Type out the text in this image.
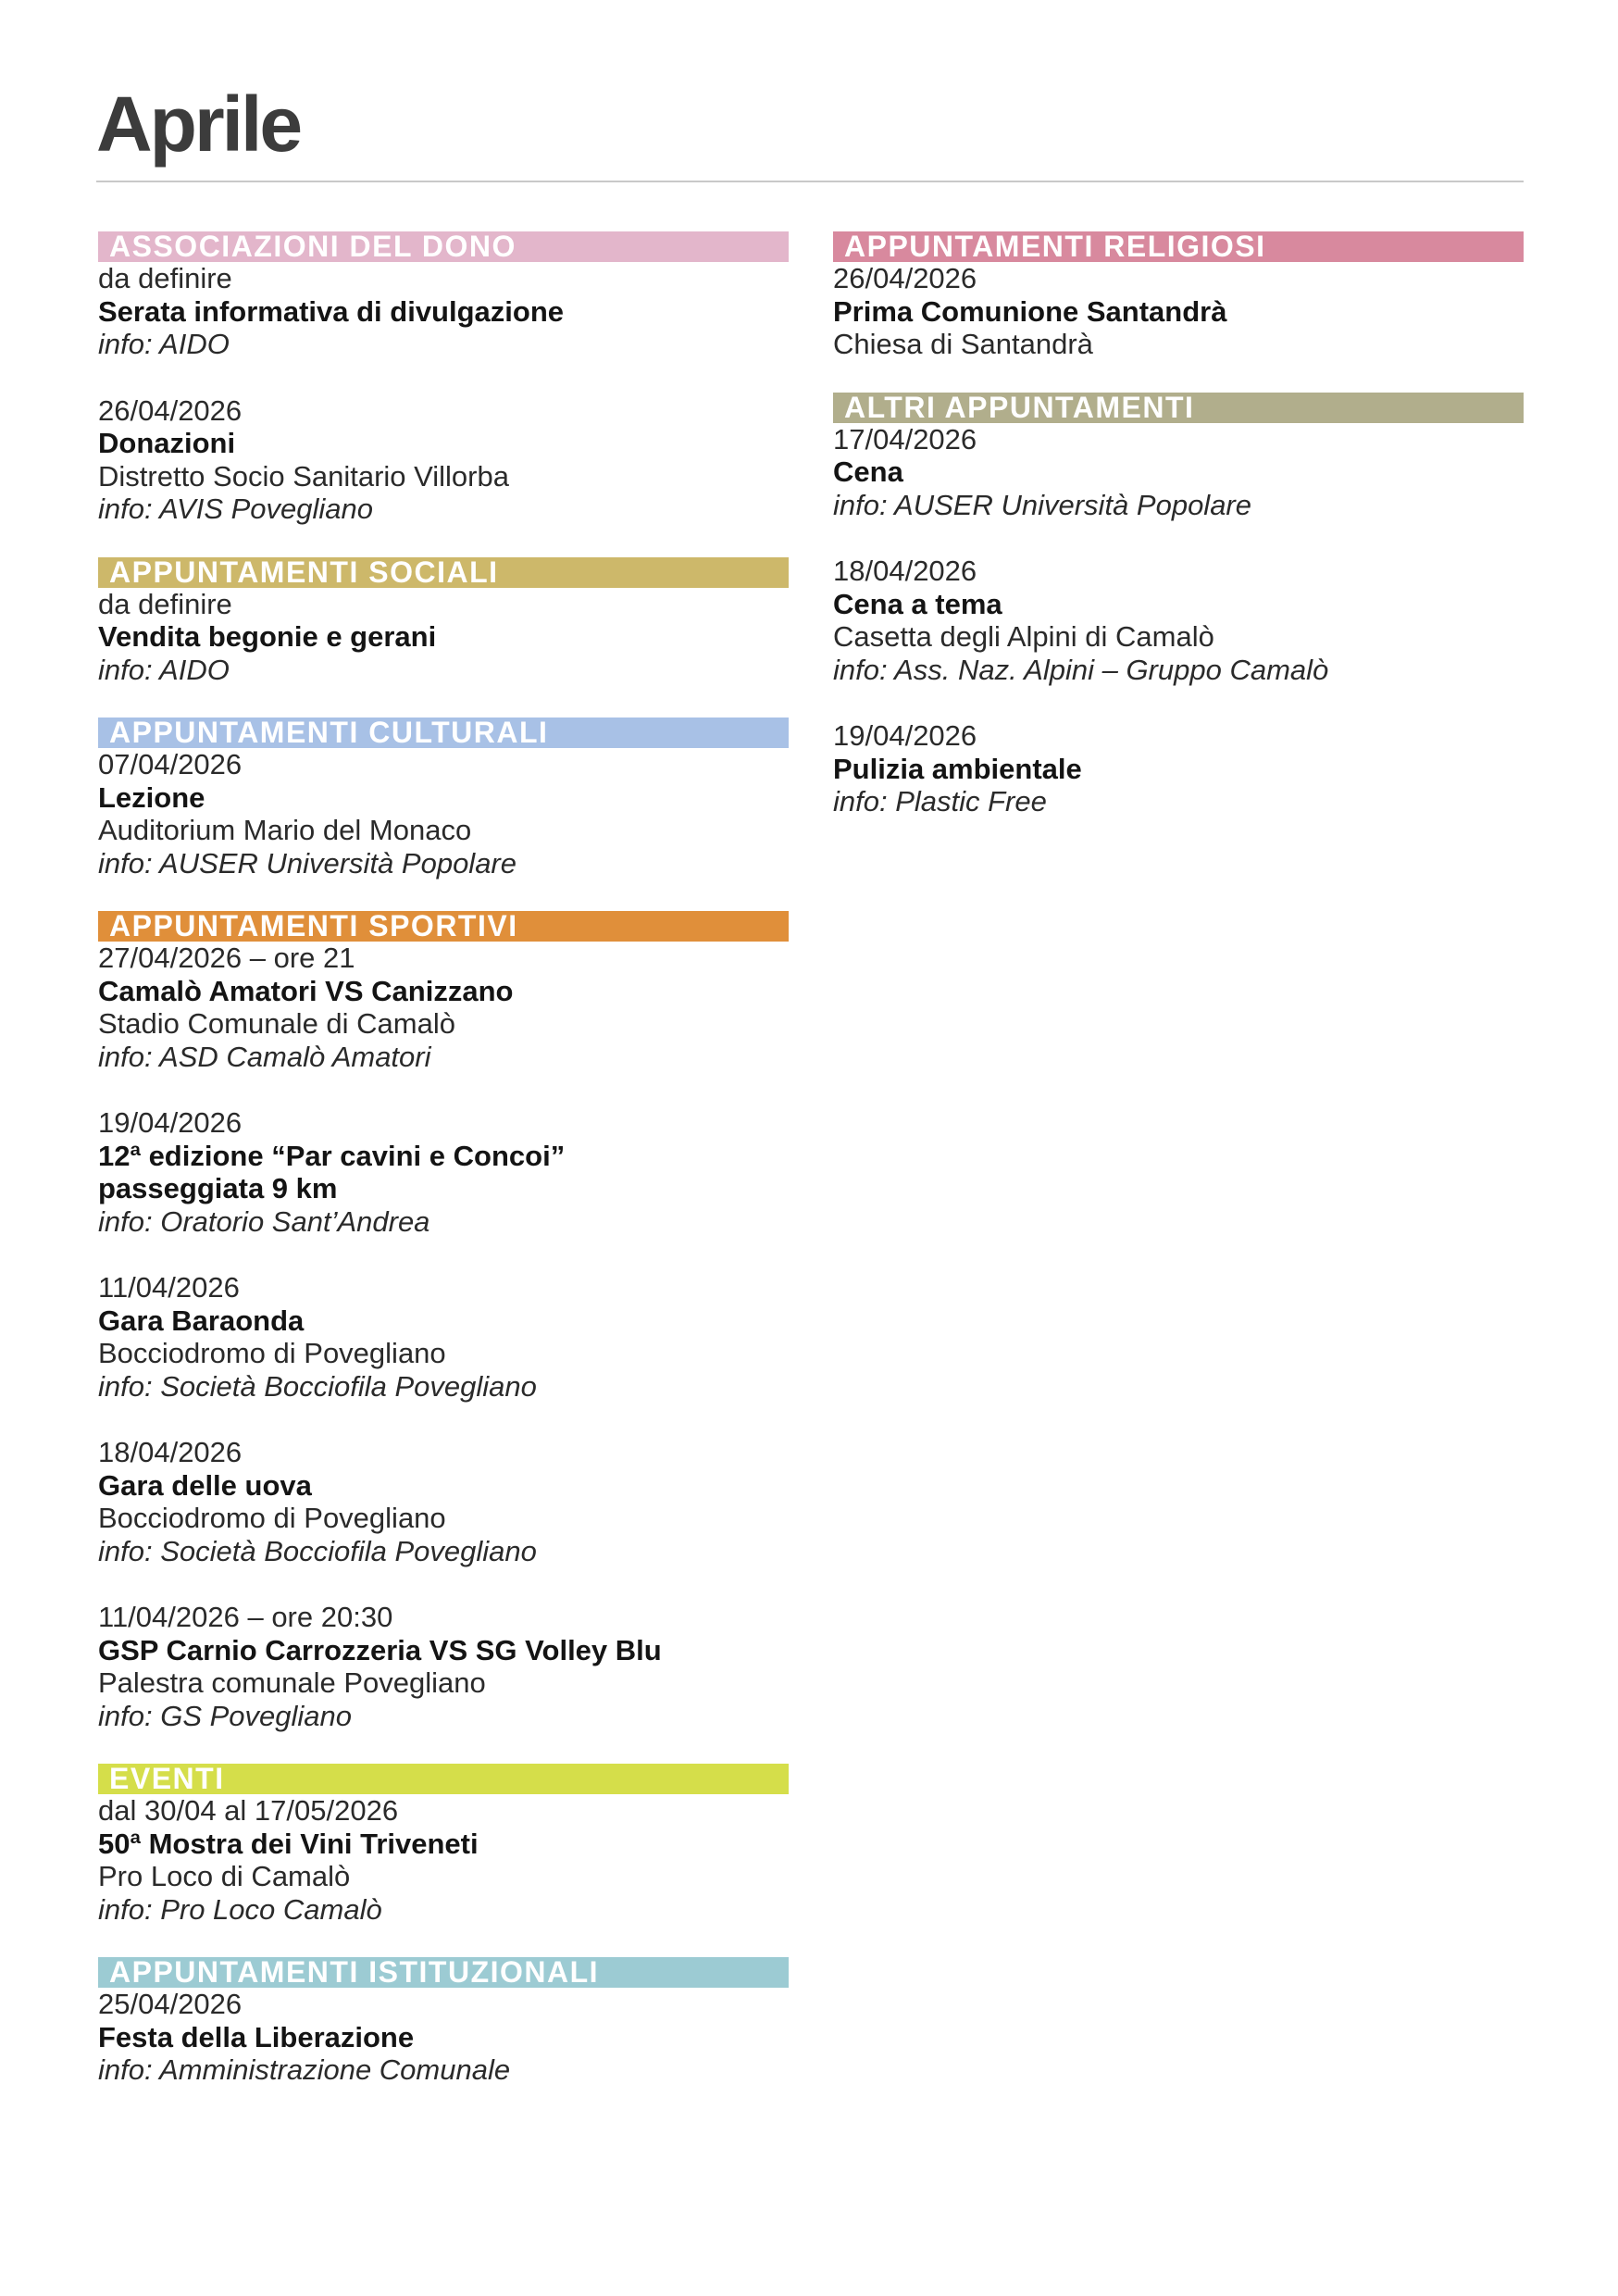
Aprile
ASSOCIAZIONI DEL DONO
da definire
Serata informativa di divulgazione
info: AIDO
26/04/2026
Donazioni
Distretto Socio Sanitario Villorba
info: AVIS Povegliano
APPUNTAMENTI SOCIALI
da definire
Vendita begonie e gerani
info: AIDO
APPUNTAMENTI CULTURALI
07/04/2026
Lezione
Auditorium Mario del Monaco
info: AUSER Università Popolare
APPUNTAMENTI SPORTIVI
27/04/2026 – ore 21
Camalò Amatori VS Canizzano
Stadio Comunale di Camalò
info: ASD Camalò Amatori
19/04/2026
12ª edizione “Par cavini e Concoi”
passeggiata 9 km
info: Oratorio Sant’Andrea
11/04/2026
Gara Baraonda
Bocciodromo di Povegliano
info: Società Bocciofila Povegliano
18/04/2026
Gara delle uova
Bocciodromo di Povegliano
info: Società Bocciofila Povegliano
11/04/2026 – ore 20:30
GSP Carnio Carrozzeria VS SG Volley Blu
Palestra comunale Povegliano
info: GS Povegliano
EVENTI
dal 30/04 al 17/05/2026
50ª Mostra dei Vini Triveneti
Pro Loco di Camalò
info: Pro Loco Camalò
APPUNTAMENTI ISTITUZIONALI
25/04/2026
Festa della Liberazione
info: Amministrazione Comunale
APPUNTAMENTI RELIGIOSI
26/04/2026
Prima Comunione Santandrà
Chiesa di Santandrà
ALTRI APPUNTAMENTI
17/04/2026
Cena
info: AUSER Università Popolare
18/04/2026
Cena a tema
Casetta degli Alpini di Camalò
info: Ass. Naz. Alpini – Gruppo Camalò
19/04/2026
Pulizia ambientale
info: Plastic Free
